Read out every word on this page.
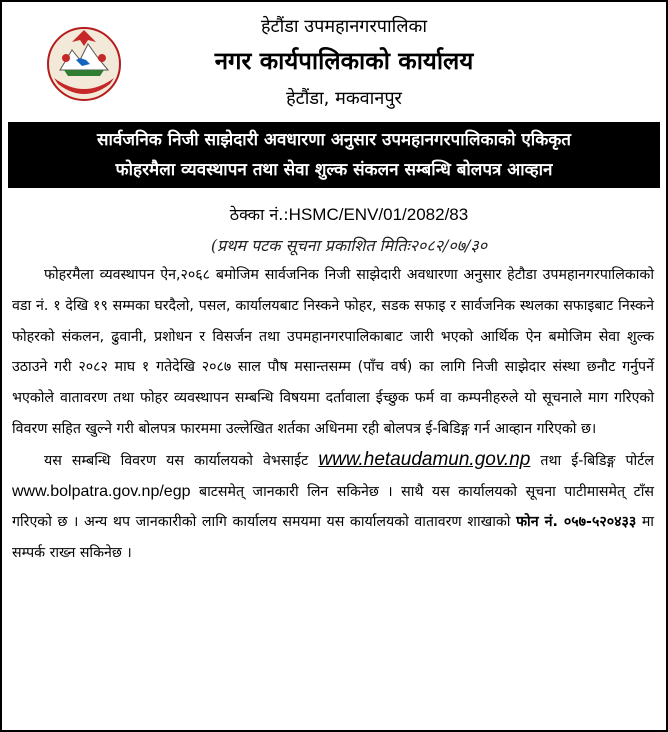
हेटौंडा उपमहानगरपालिका
नगर कार्यपालिकाको कार्यालय
हेटौंडा, मकवानपुर
सार्वजनिक निजी साझेदारी अवधारणा अनुसार उपमहानगरपालिकाको एकिकृत
फोहरमैला व्यवस्थापन तथा सेवा शुल्क संकलन सम्बन्धि बोलपत्र आव्हान
ठेक्का नं.:HSMC/ENV/01/2082/83
(प्रथम पटक सूचना प्रकाशित मितिः२०८२/०७/३०

फोहरमैला व्यवस्थापन ऐन,२०६८ बमोजिम सार्वजनिक निजी साझेदारी अवधारणा अनुसार हेटौडा उपमहानगरपालिकाको वडा नं. १ देखि १९ सम्मका घरदैलो, पसल, कार्यालयबाट निस्कने फोहर, सडक सफाइ र सार्वजनिक स्थलका सफाइबाट निस्कने फोहरको संकलन, ढुवानी, प्रशोधन र विसर्जन तथा उपमहानगरपालिकाबाट जारी भएको आर्थिक ऐन बमोजिम सेवा शुल्क उठाउने गरी २०८२ माघ १ गतेदेखि २०८७ साल पौष मसान्तसम्म (पाँच वर्ष) का लागि निजी साझेदार संस्था छनौट गर्नुपर्ने भएकोले वातावरण तथा फोहर व्यवस्थापन सम्बन्धि विषयमा दर्तावाला ईच्छुक फर्म वा कम्पनीहरुले यो सूचनाले माग गरिएको विवरण सहित खुल्ने गरी बोलपत्र फारममा उल्लेखित शर्तका अधिनमा रही बोलपत्र ई-बिडिङ्ग गर्न आव्हान गरिएको छ।

यस सम्बन्धि विवरण यस कार्यालयको वेभसाईट www.hetaudamun.gov.np तथा ई-बिडिङ्ग पोर्टल www.bolpatra.gov.np/egp बाटसमेत् जानकारी लिन सकिनेछ । साथै यस कार्यालयको सूचना पाटीमासमेत् टाँस गरिएको छ । अन्य थप जानकारीको लागि कार्यालय समयमा यस कार्यालयको वातावरण शाखाको फोन नं. ०५७-५२०४३३ मा सम्पर्क राख्न सकिनेछ ।
